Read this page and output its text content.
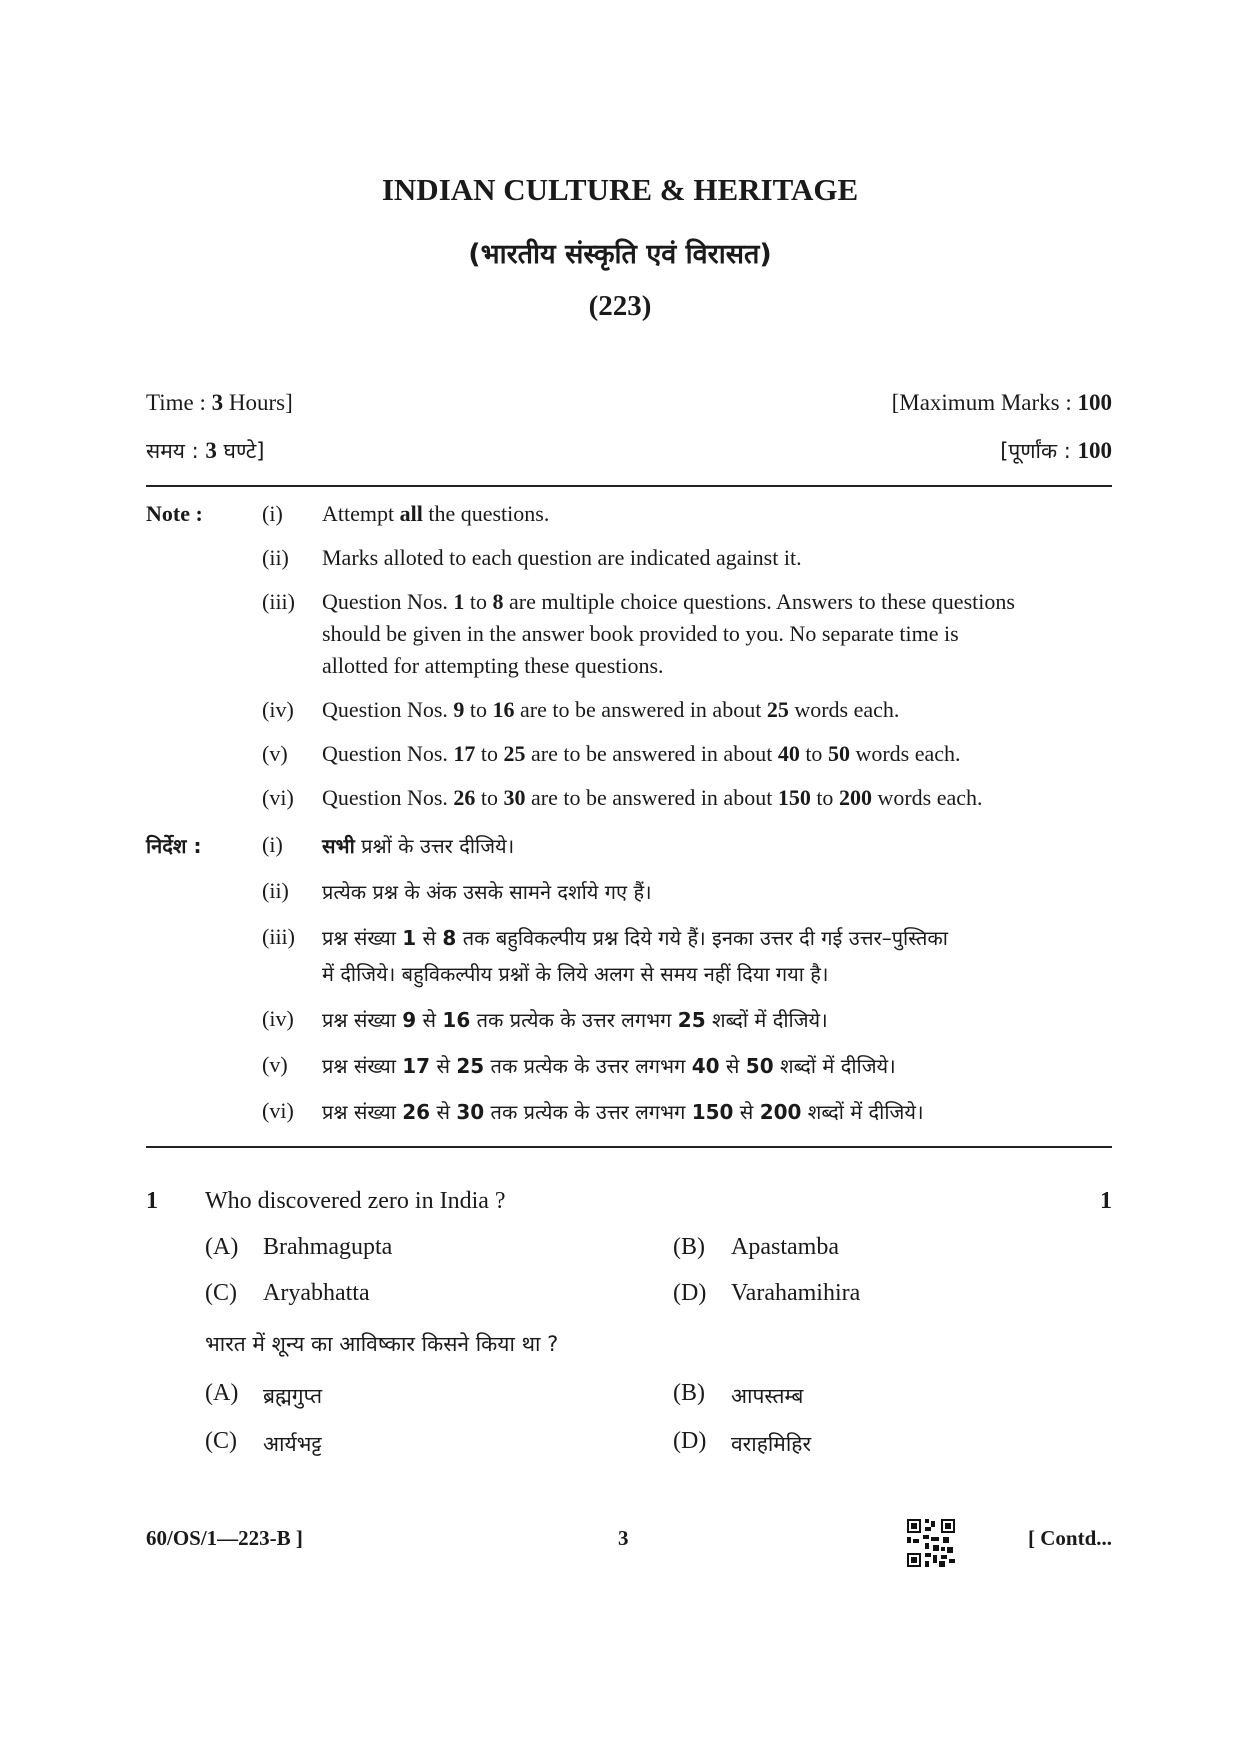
INDIAN CULTURE & HERITAGE
(भारतीय संस्कृति एवं विरासत)
(223)
Time : 3 Hours]	[Maximum Marks : 100
समय : 3 घण्टे]	[पूर्णांक : 100
Note :	(i) Attempt all the questions.
(ii) Marks alloted to each question are indicated against it.
(iii) Question Nos. 1 to 8 are multiple choice questions. Answers to these questions
should be given in the answer book provided to you. No separate time is
allotted for attempting these questions.
(iv) Question Nos. 9 to 16 are to be answered in about 25 words each.
(v) Question Nos. 17 to 25 are to be answered in about 40 to 50 words each.
(vi) Question Nos. 26 to 30 are to be answered in about 150 to 200 words each.
निर्देश :	(i) सभी प्रश्नों के उत्तर दीजिये।
(ii) प्रत्येक प्रश्न के अंक उसके सामने दर्शाये गए हैं।
(iii) प्रश्न संख्या 1 से 8 तक बहुविकल्पीय प्रश्न दिये गये हैं। इनका उत्तर दी गई उत्तर–पुस्तिका
में दीजिये। बहुविकल्पीय प्रश्नों के लिये अलग से समय नहीं दिया गया है।
(iv) प्रश्न संख्या 9 से 16 तक प्रत्येक के उत्तर लगभग 25 शब्दों में दीजिये।
(v) प्रश्न संख्या 17 से 25 तक प्रत्येक के उत्तर लगभग 40 से 50 शब्दों में दीजिये।
(vi) प्रश्न संख्या 26 से 30 तक प्रत्येक के उत्तर लगभग 150 से 200 शब्दों में दीजिये।
1 Who discovered zero in India ?	1
(A) Brahmagupta	(B) Apastamba
(C) Aryabhatta	(D) Varahamihira
भारत में शून्य का आविष्कार किसने किया था ?
(A) ब्रह्मगुप्त	(B) आपस्तम्ब
(C) आर्यभट्ट	(D) वराहमिहिर
60/OS/1—223-B ]	3	[ Contd...
